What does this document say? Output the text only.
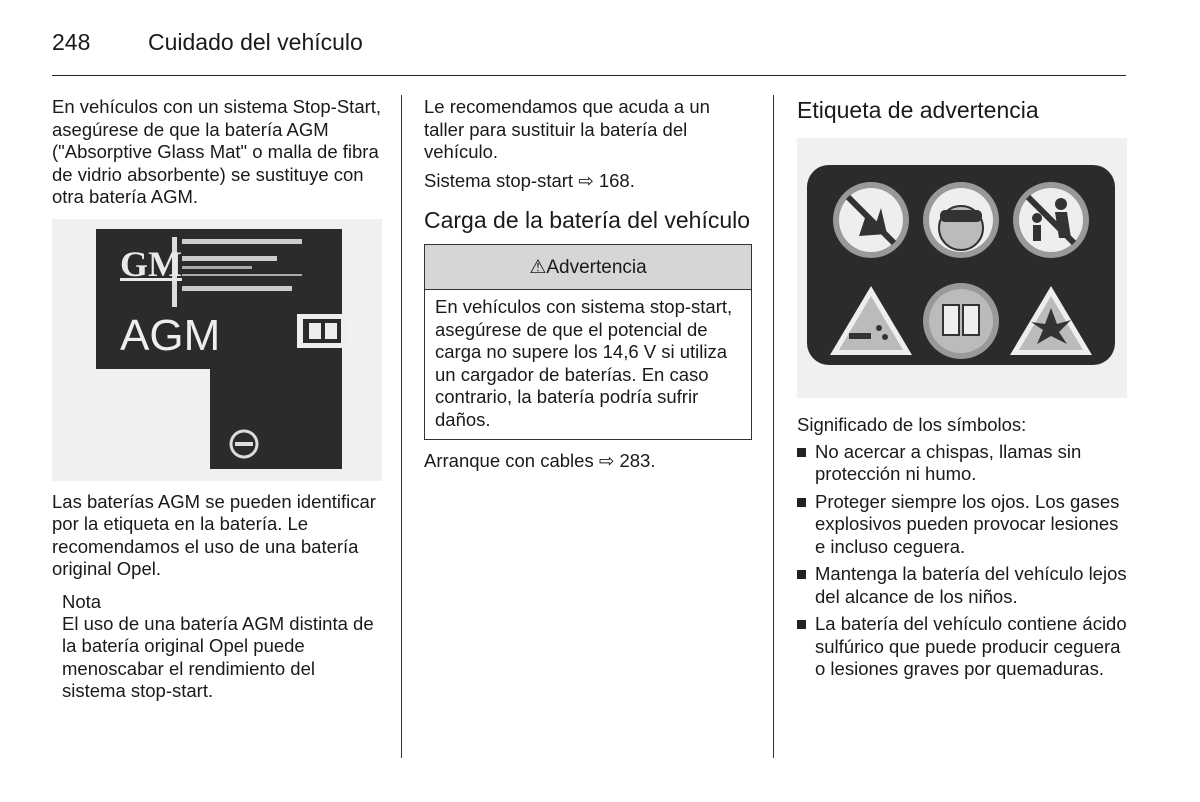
248	Cuidado del vehículo

En vehículos con un sistema Stop-Start, asegúrese de que la batería AGM ("Absorptive Glass Mat" o malla de fibra de vidrio absorbente) se sustituye con otra batería AGM.

GM
AGM

Las baterías AGM se pueden identificar por la etiqueta en la batería. Le recomendamos el uso de una batería original Opel.

Nota

El uso de una batería AGM distinta de la batería original Opel puede menoscabar el rendimiento del sistema stop-start.

Le recomendamos que acuda a un taller para sustituir la batería del vehículo.

Sistema stop-start ⇨ 168.

Carga de la batería del vehículo

⚠Advertencia
En vehículos con sistema stop-start, asegúrese de que el potencial de carga no supere los 14,6 V si utiliza un cargador de baterías. En caso contrario, la batería podría sufrir daños.

Arranque con cables ⇨ 283.

Etiqueta de advertencia

Significado de los símbolos:

No acercar a chispas, llamas sin protección ni humo.
Proteger siempre los ojos. Los gases explosivos pueden provocar lesiones e incluso ceguera.
Mantenga la batería del vehículo lejos del alcance de los niños.
La batería del vehículo contiene ácido sulfúrico que puede producir ceguera o lesiones graves por quemaduras.
